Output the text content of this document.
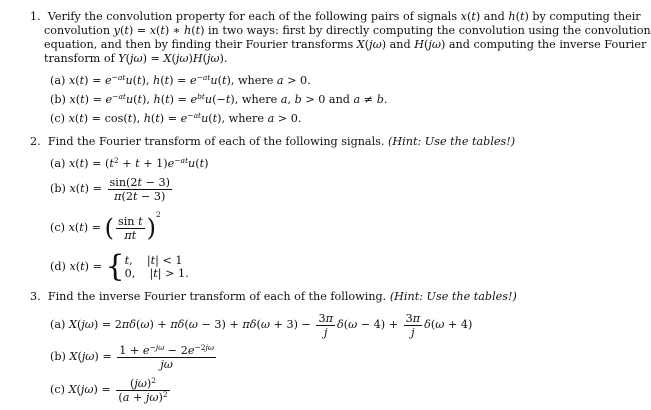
1.  Verify the convolution property for each of the following pairs of signals x(t) and h(t) by computing their
convolution y(t) = x(t) ∗ h(t) in two ways: first by directly computing the convolution using the convolution
equation, and then by finding their Fourier transforms X(jω) and H(jω) and computing the inverse Fourier
transform of Y(jω) = X(jω)H(jω).
(a) $x(t) = e^{-at}u(t)$, $h(t) = e^{-at}u(t)$, where a > 0.
(b) $x(t) = e^{-at}u(t)$, $h(t) = e^{bt}u(-t)$, where a, b > 0 and a ≠ b.
(c) x(t) = cos(t), $h(t) = e^{-at}u(t)$, where a > 0.
2. Find the Fourier transform of each of the following signals. (Hint: Use the tables!)
(a) $x(t) = (t^2 + t + 1)e^{-at}u(t)$
(b) $x(t) = \frac{\sin(2t - 3)}{\pi(2t - 3)}$
(c) x(t) = ( $\frac{\text{sin t}}{\pi t} )^2$
(d) x(t) = { t,    |t| < 1
0,    |t| > 1.
3. Find the inverse Fourier transform of each of the following. (Hint: Use the tables!)
(a) $X(j\omega) = 2\pi\delta(\omega) + \pi\delta(\omega - 3) + \pi\delta(\omega + 3) - \frac{3\pi}{j} \delta(\omega - 4) + \frac{3\pi}{j} \delta(\omega + 4)$
(b) $X(j\omega) = \frac{1 + e^{-j\omega} - 2e^{-2j\omega}}{j\omega}$
(c) $X(j\omega) = \frac{(j\omega)^2}{(a + j\omega)^2}$
